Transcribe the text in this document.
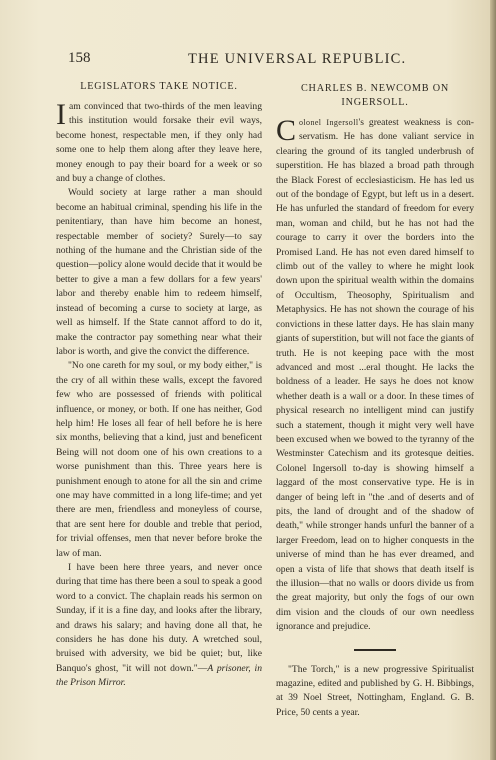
158	THE UNIVERSAL REPUBLIC.
LEGISLATORS TAKE NOTICE.

Iam convinced that two-thirds of the men leaving this institution would forsake their evil ways, become honest, respectable men, if they only had some one to help them along after they leave here, money enough to pay their board for a week or so and buy a change of clothes.

Would society at large rather a man should become an habitual criminal, spending his life in the penitentiary, than have him become an honest, respectable member of society? Surely—to say nothing of the humane and the Christian side of the question—policy alone would decide that it would be better to give a man a few dollars for a few years' labor and thereby enable him to redeem himself, instead of becoming a curse to society at large, as well as himself. If the State cannot afford to do it, make the contractor pay something near what their labor is worth, and give the convict the difference.

"No one careth for my soul, or my body either," is the cry of all within these walls, except the favored few who are possessed of friends with political influence, or money, or both. If one has neither, God help him! He loses all fear of hell before he is here six months, believing that a kind, just and beneficent Being will not doom one of his own creations to a worse punishment than this. Three years here is punishment enough to atone for all the sin and crime one may have committed in a long life-time; and yet there are men, friendless and moneyless of course, that are sent here for double and treble that period, for trivial offenses, men that never before broke the law of man.

I have been here three years, and never once during that time has there been a soul to speak a good word to a convict. The chaplain reads his sermon on Sunday, if it is a fine day, and looks after the library, and draws his salary; and having done all that, he considers he has done his duty. A wretched soul, bruised with adversity, we bid be quiet; but, like Banquo's ghost, "it will not down."—A prisoner, in the Prison Mirror.

CHARLES B. NEWCOMB ON INGERSOLL.

Colonel Ingersoll's greatest weakness is con-servatism. He has done valiant service in clearing the ground of its tangled underbrush of superstition. He has blazed a broad path through the Black Forest of ecclesiasticism. He has led us out of the bondage of Egypt, but left us in a desert. He has unfurled the standard of freedom for every man, woman and child, but he has not had the courage to carry it over the borders into the Promised Land. He has not even dared himself to climb out of the valley to where he might look down upon the spiritual wealth within the domains of Occultism, Theosophy, Spiritualism and Metaphysics. He has not shown the courage of his convictions in these latter days. He has slain many giants of superstition, but will not face the giants of truth. He is not keeping pace with the most advanced and most ...eral thought. He lacks the boldness of a leader. He says he does not know whether death is a wall or a door. In these times of physical research no intelligent mind can justify such a statement, though it might very well have been excused when we bowed to the tyranny of the Westminster Catechism and its grotesque deities. Colonel Ingersoll to-day is showing himself a laggard of the most conservative type. He is in danger of being left in "the .and of deserts and of pits, the land of drought and of the shadow of death," while stronger hands unfurl the banner of a larger Freedom, lead on to higher conquests in the universe of mind than he has ever dreamed, and open a vista of life that shows that death itself is the illusion—that no walls or doors divide us from the great majority, but only the fogs of our own dim vision and the clouds of our own needless ignorance and prejudice.

"The Torch," is a new progressive Spiritualist magazine, edited and published by G. H. Bibbings, at 39 Noel Street, Nottingham, England. G. B. Price, 50 cents a year.
